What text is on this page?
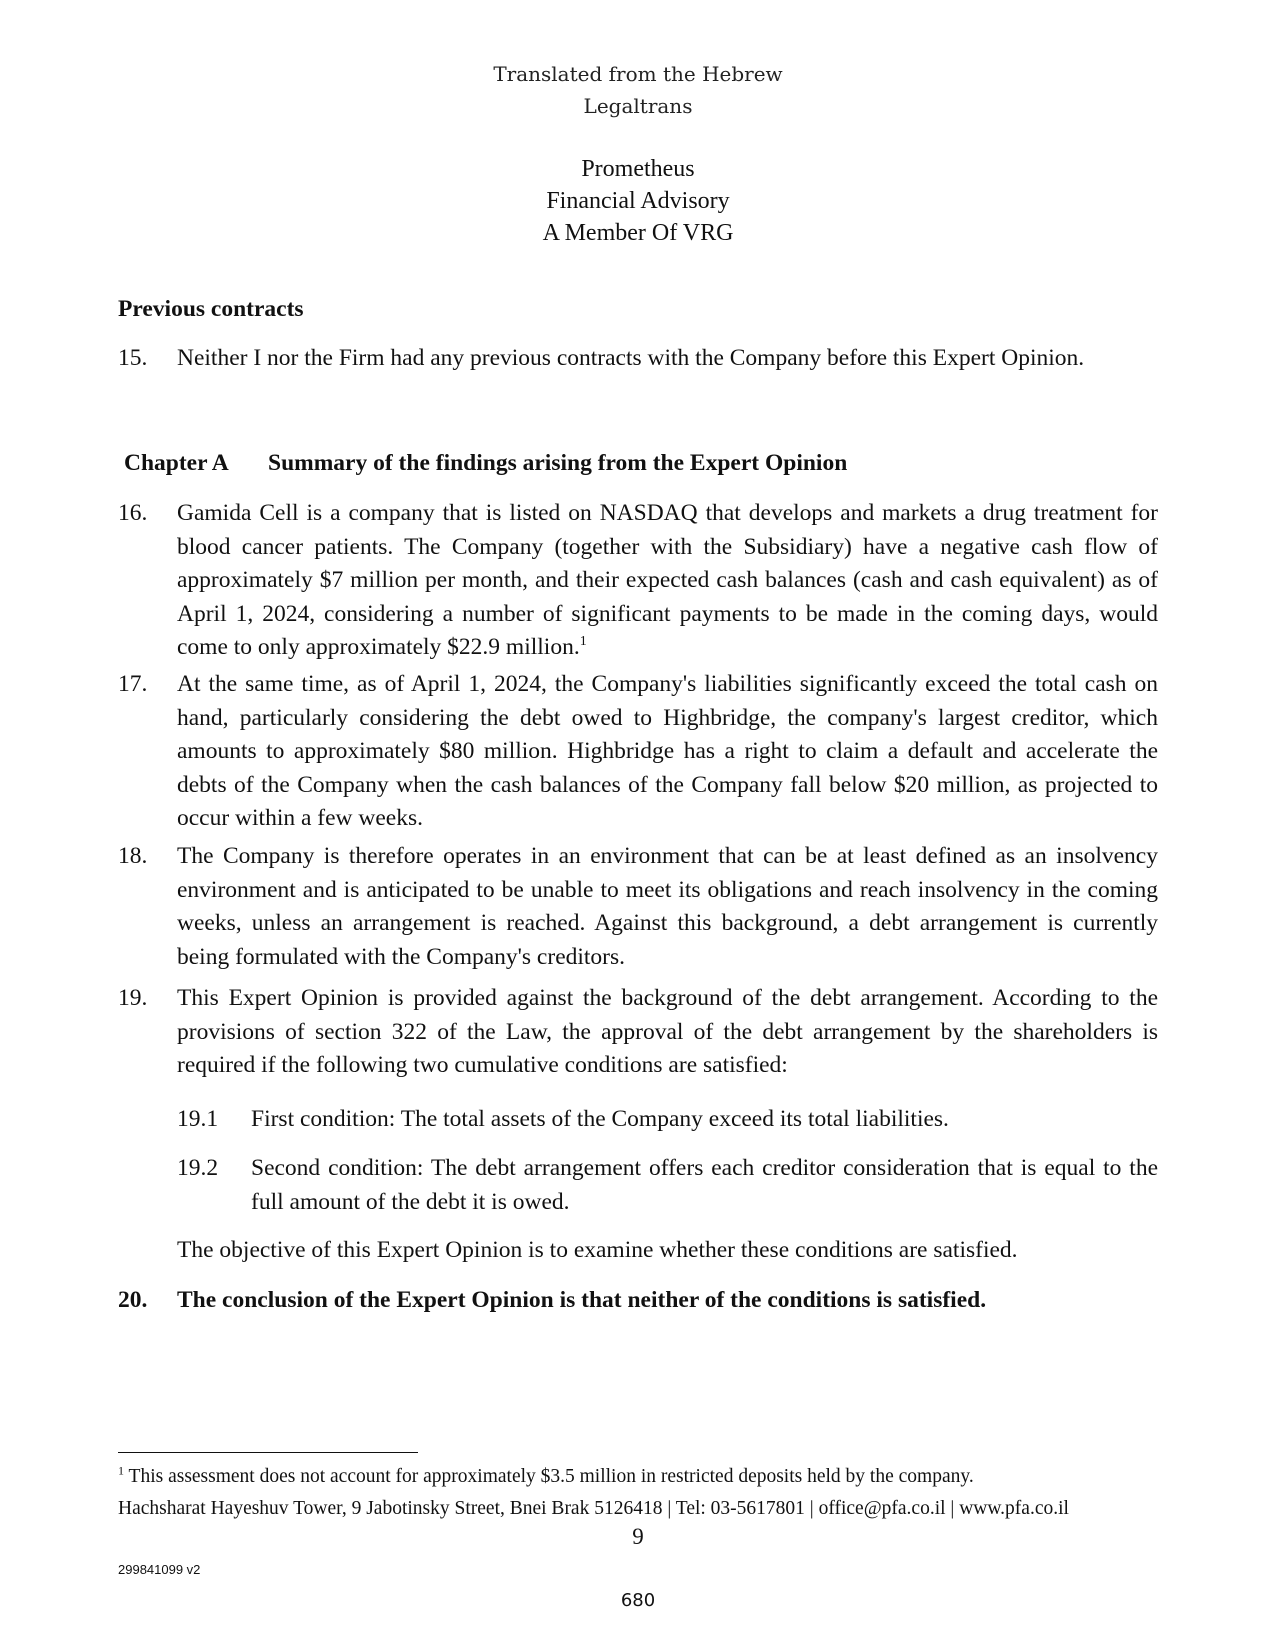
Translated from the Hebrew
Legaltrans
Prometheus
Financial Advisory
A Member Of VRG
Previous contracts
15. Neither I nor the Firm had any previous contracts with the Company before this Expert Opinion.
Chapter A Summary of the findings arising from the Expert Opinion
16. Gamida Cell is a company that is listed on NASDAQ that develops and markets a drug treatment for blood cancer patients. The Company (together with the Subsidiary) have a negative cash flow of approximately $7 million per month, and their expected cash balances (cash and cash equivalent) as of April 1, 2024, considering a number of significant payments to be made in the coming days, would come to only approximately $22.9 million.$^1$
17. At the same time, as of April 1, 2024, the Company's liabilities significantly exceed the total cash on hand, particularly considering the debt owed to Highbridge, the company's largest creditor, which amounts to approximately $80 million. Highbridge has a right to claim a default and accelerate the debts of the Company when the cash balances of the Company fall below $20 million, as projected to occur within a few weeks.
18. The Company is therefore operates in an environment that can be at least defined as an insolvency environment and is anticipated to be unable to meet its obligations and reach insolvency in the coming weeks, unless an arrangement is reached. Against this background, a debt arrangement is currently being formulated with the Company's creditors.
19. This Expert Opinion is provided against the background of the debt arrangement. According to the provisions of section 322 of the Law, the approval of the debt arrangement by the shareholders is required if the following two cumulative conditions are satisfied:
19.1 First condition: The total assets of the Company exceed its total liabilities.
19.2 Second condition: The debt arrangement offers each creditor consideration that is equal to the full amount of the debt it is owed.
The objective of this Expert Opinion is to examine whether these conditions are satisfied.
20. The conclusion of the Expert Opinion is that neither of the conditions is satisfied.
$^1$ This assessment does not account for approximately $3.5 million in restricted deposits held by the company.
Hachsharat Hayeshuv Tower, 9 Jabotinsky Street, Bnei Brak 5126418 | Tel: 03-5617801 | office@pfa.co.il | www.pfa.co.il
9
299841099 v2
680
